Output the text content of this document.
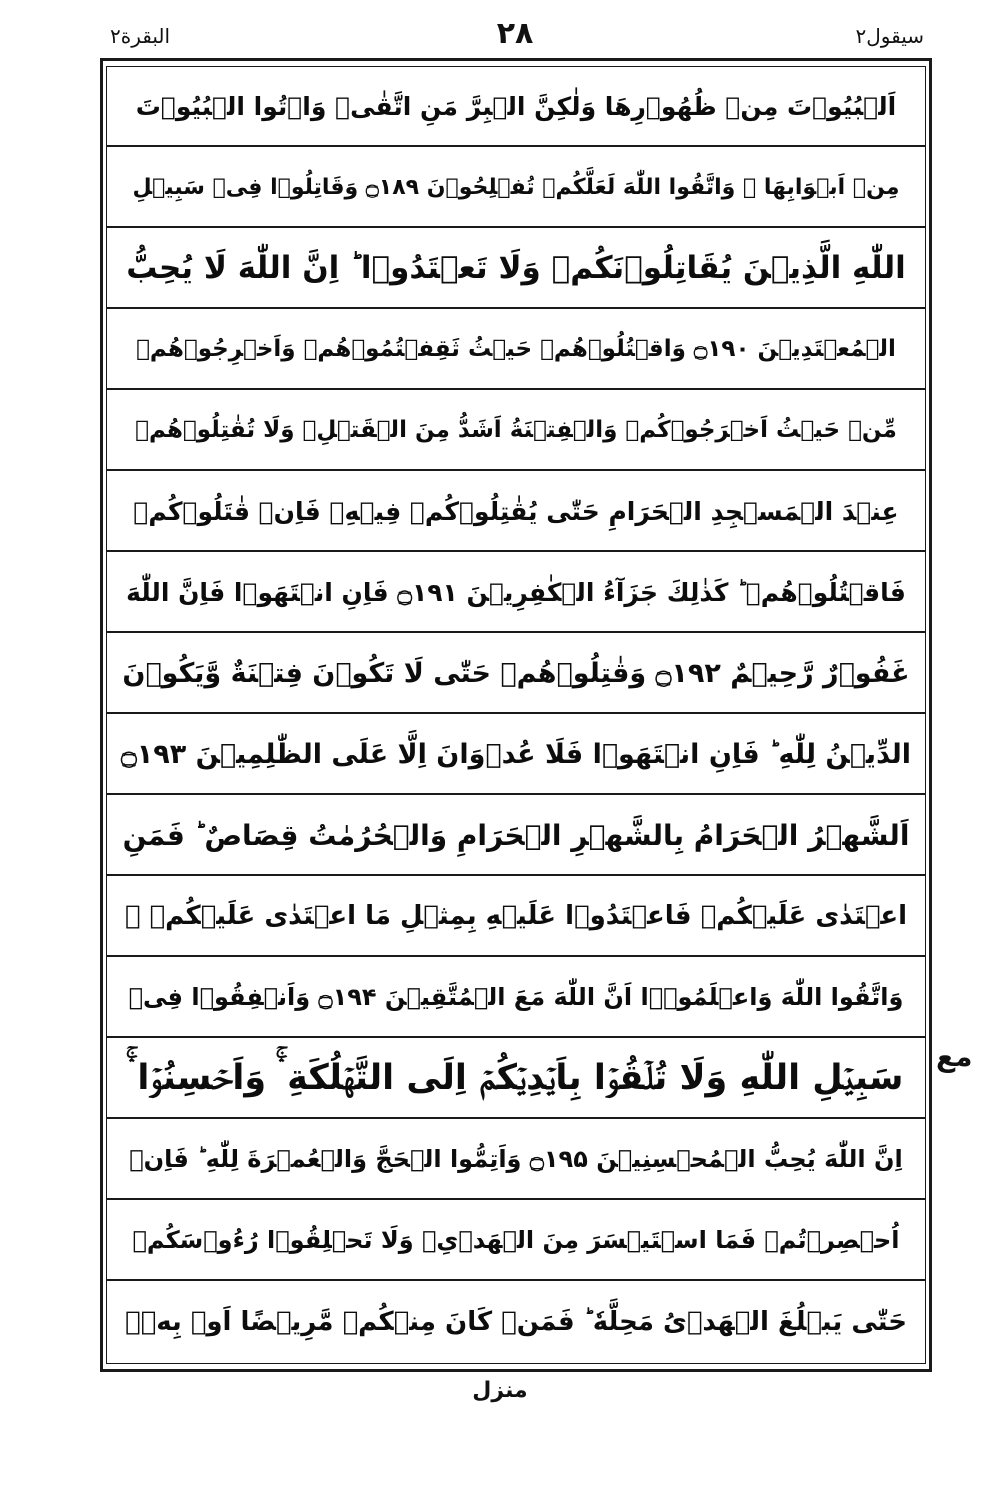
البقرة۲	۲۸	سیقول۲
اَلۡبُیُوۡتَ مِنۡ ظُهُوۡرِهَا وَلٰكِنَّ الۡبِرَّ مَنِ اتَّقٰیۚ وَاۡتُوا الۡبُیُوۡتَ
مِنۡ اَبۡوَابِهَا ۪ وَاتَّقُوا اللّٰهَ لَعَلَّكُمۡ تُفۡلِحُوۡنَ ۝۱۸۹ وَقَاتِلُوۡا فِیۡ سَبِیۡلِ
اللّٰهِ الَّذِیۡنَ یُقَاتِلُوۡنَكُمۡ وَلَا تَعۡتَدُوۡا ؕ اِنَّ اللّٰهَ لَا یُحِبُّ
الۡمُعۡتَدِیۡنَ ۝۱۹۰ وَاقۡتُلُوۡهُمۡ حَیۡثُ ثَقِفۡتُمُوۡهُمۡ وَاَخۡرِجُوۡهُمۡ
مِّنۡ حَیۡثُ اَخۡرَجُوۡكُمۡ وَالۡفِتۡنَةُ اَشَدُّ مِنَ الۡقَتۡلِۚ وَلَا تُقٰتِلُوۡهُمۡ
عِنۡدَ الۡمَسۡجِدِ الۡحَرَامِ حَتّٰی یُقٰتِلُوۡكُمۡ فِیۡهِۚ فَاِنۡ قٰتَلُوۡكُمۡ
فَاقۡتُلُوۡهُمۡ ؕ كَذٰلِكَ جَزَآءُ الۡكٰفِرِیۡنَ ۝۱۹۱ فَاِنِ انۡتَهَوۡا فَاِنَّ اللّٰهَ
غَفُوۡرٌ رَّحِیۡمٌ ۝۱۹۲ وَقٰتِلُوۡهُمۡ حَتّٰی لَا تَكُوۡنَ فِتۡنَةٌ وَّیَكُوۡنَ
الدِّیۡنُ لِلّٰهِ ؕ فَاِنِ انۡتَهَوۡا فَلَا عُدۡوَانَ اِلَّا عَلَی الظّٰلِمِیۡنَ ۝۱۹۳
اَلشَّهۡرُ الۡحَرَامُ بِالشَّهۡرِ الۡحَرَامِ وَالۡحُرُمٰتُ قِصَاصٌ ؕ فَمَنِ
اعۡتَدٰی عَلَیۡكُمۡ فَاعۡتَدُوۡا عَلَیۡهِ بِمِثۡلِ مَا اعۡتَدٰی عَلَیۡكُمۡ ۪
وَاتَّقُوا اللّٰهَ وَاعۡلَمُوۡۤا اَنَّ اللّٰهَ مَعَ الۡمُتَّقِیۡنَ ۝۱۹۴ وَاَنۡفِقُوۡا فِیۡ
سَبِیۡلِ اللّٰهِ وَلَا تُلۡقُوۡا بِاَیۡدِیۡكُمۡ اِلَی التَّهۡلُكَةِ ۛۚ وَاَحۡسِنُوۡا ۛۚ
اِنَّ اللّٰهَ یُحِبُّ الۡمُحۡسِنِیۡنَ ۝۱۹۵ وَاَتِمُّوا الۡحَجَّ وَالۡعُمۡرَةَ لِلّٰهِ ؕ فَاِنۡ
اُحۡصِرۡتُمۡ فَمَا اسۡتَیۡسَرَ مِنَ الۡهَدۡیِۚ وَلَا تَحۡلِقُوۡا رُءُوۡسَكُمۡ
حَتّٰی یَبۡلُغَ الۡهَدۡیُ مَحِلَّهٗ ؕ فَمَنۡ كَانَ مِنۡكُمۡ مَّرِیۡضًا اَوۡ بِهٖۤ
مع
منزل
